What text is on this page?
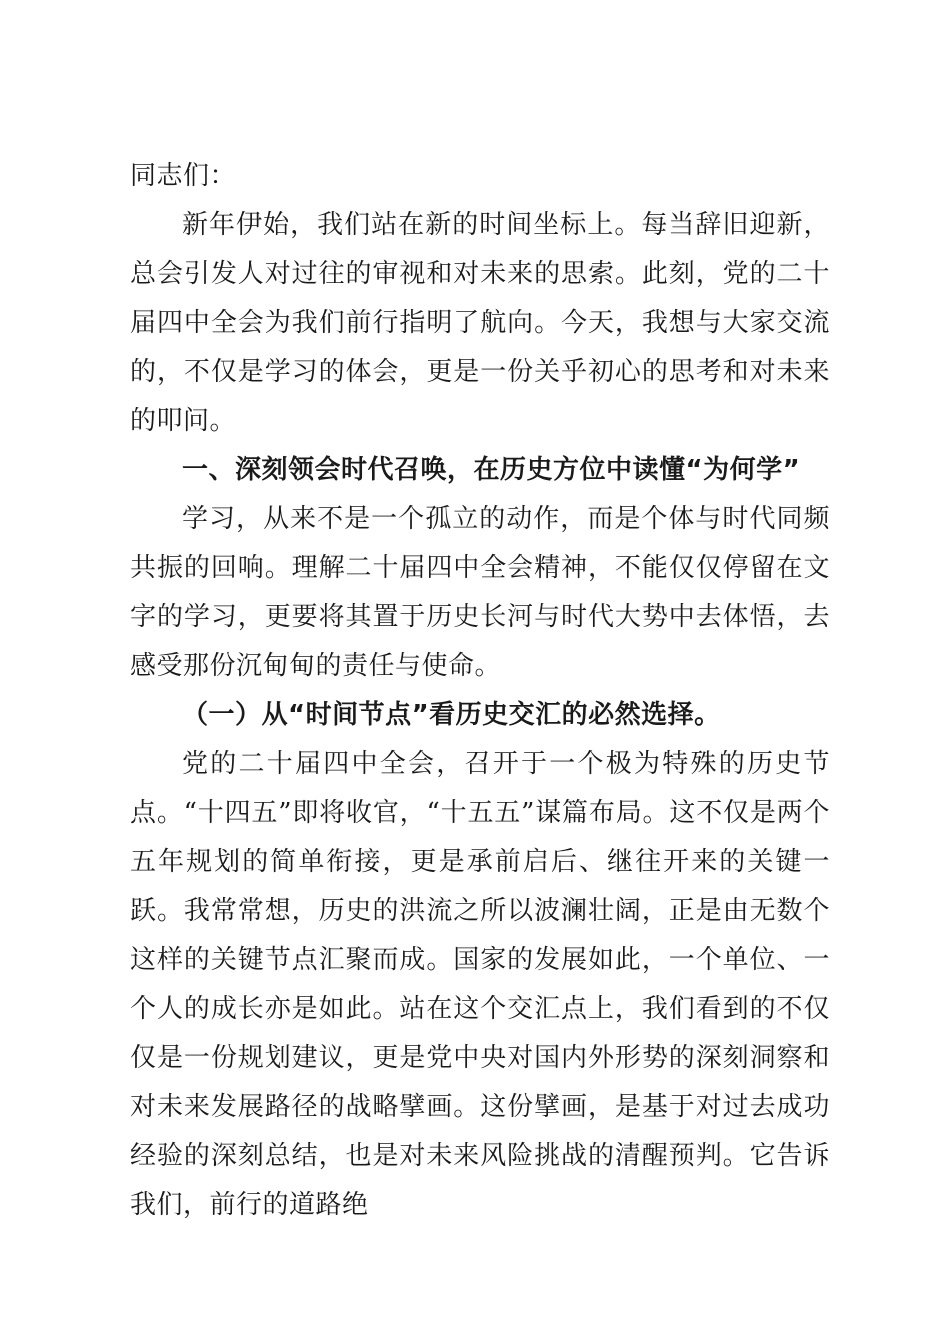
同志们：

新年伊始，我们站在新的时间坐标上。每当辞旧迎新，总会引发人对过往的审视和对未来的思索。此刻，党的二十届四中全会为我们前行指明了航向。今天，我想与大家交流的，不仅是学习的体会，更是一份关乎初心的思考和对未来的叩问。

一、深刻领会时代召唤，在历史方位中读懂“为何学”

学习，从来不是一个孤立的动作，而是个体与时代同频共振的回响。理解二十届四中全会精神，不能仅仅停留在文字的学习，更要将其置于历史长河与时代大势中去体悟，去感受那份沉甸甸的责任与使命。

（一）从“时间节点”看历史交汇的必然选择。

党的二十届四中全会，召开于一个极为特殊的历史节点。“十四五”即将收官，“十五五”谋篇布局。这不仅是两个五年规划的简单衔接，更是承前启后、继往开来的关键一跃。我常常想，历史的洪流之所以波澜壮阔，正是由无数个这样的关键节点汇聚而成。国家的发展如此，一个单位、一个人的成长亦是如此。站在这个交汇点上，我们看到的不仅仅是一份规划建议，更是党中央对国内外形势的深刻洞察和对未来发展路径的战略擘画。这份擘画，是基于对过去成功经验的深刻总结，也是对未来风险挑战的清醒预判。它告诉我们，前行的道路绝
